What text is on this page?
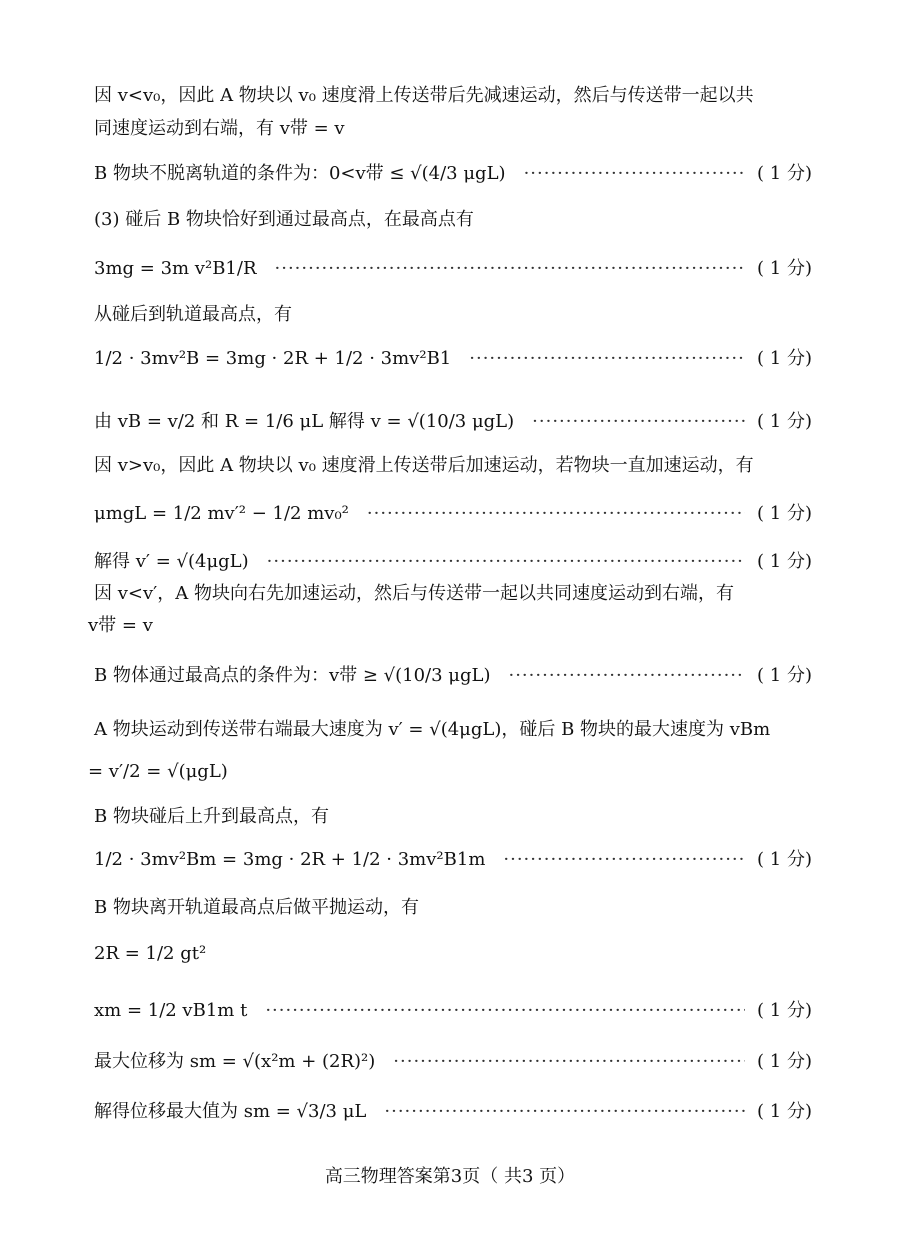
因 v<v₀，因此 A 物块以 v₀ 速度滑上传送带后先减速运动，然后与传送带一起以共
同速度运动到右端，有 v带 = v
B 物块不脱离轨道的条件为：0<v带 ≤ √(4/3 μgL) ·····	( 1 分)
(3) 碰后 B 物块恰好到通过最高点，在最高点有
3mg = 3m v²B1/R ·····	( 1 分)
从碰后到轨道最高点，有
1/2 · 3mv²B = 3mg · 2R + 1/2 · 3mv²B1 ·····	( 1 分)
由 vB = v/2 和 R = 1/6 μL 解得 v = √(10/3 μgL) ·····	( 1 分)
因 v>v₀，因此 A 物块以 v₀ 速度滑上传送带后加速运动，若物块一直加速运动，有
μmgL = 1/2 mv′² − 1/2 mv₀² ·····	( 1 分)
解得 v′ = √(4μgL) ·····	( 1 分)
因 v<v′，A 物块向右先加速运动，然后与传送带一起以共同速度运动到右端，有
v带 = v
B 物体通过最高点的条件为：v带 ≥ √(10/3 μgL) ·····	( 1 分)
A 物块运动到传送带右端最大速度为 v′ = √(4μgL)，碰后 B 物块的最大速度为 vBm
= v′/2 = √(μgL)
B 物块碰后上升到最高点，有
1/2 · 3mv²Bm = 3mg · 2R + 1/2 · 3mv²B1m ·····	( 1 分)
B 物块离开轨道最高点后做平抛运动，有
2R = 1/2 gt²
xm = 1/2 vB1m t ·····	( 1 分)
最大位移为 sm = √(x²m + (2R)²) ·····	( 1 分)
解得位移最大值为 sm = √3/3 μL ·····	( 1 分)
高三物理答案第3页（ 共3 页）
